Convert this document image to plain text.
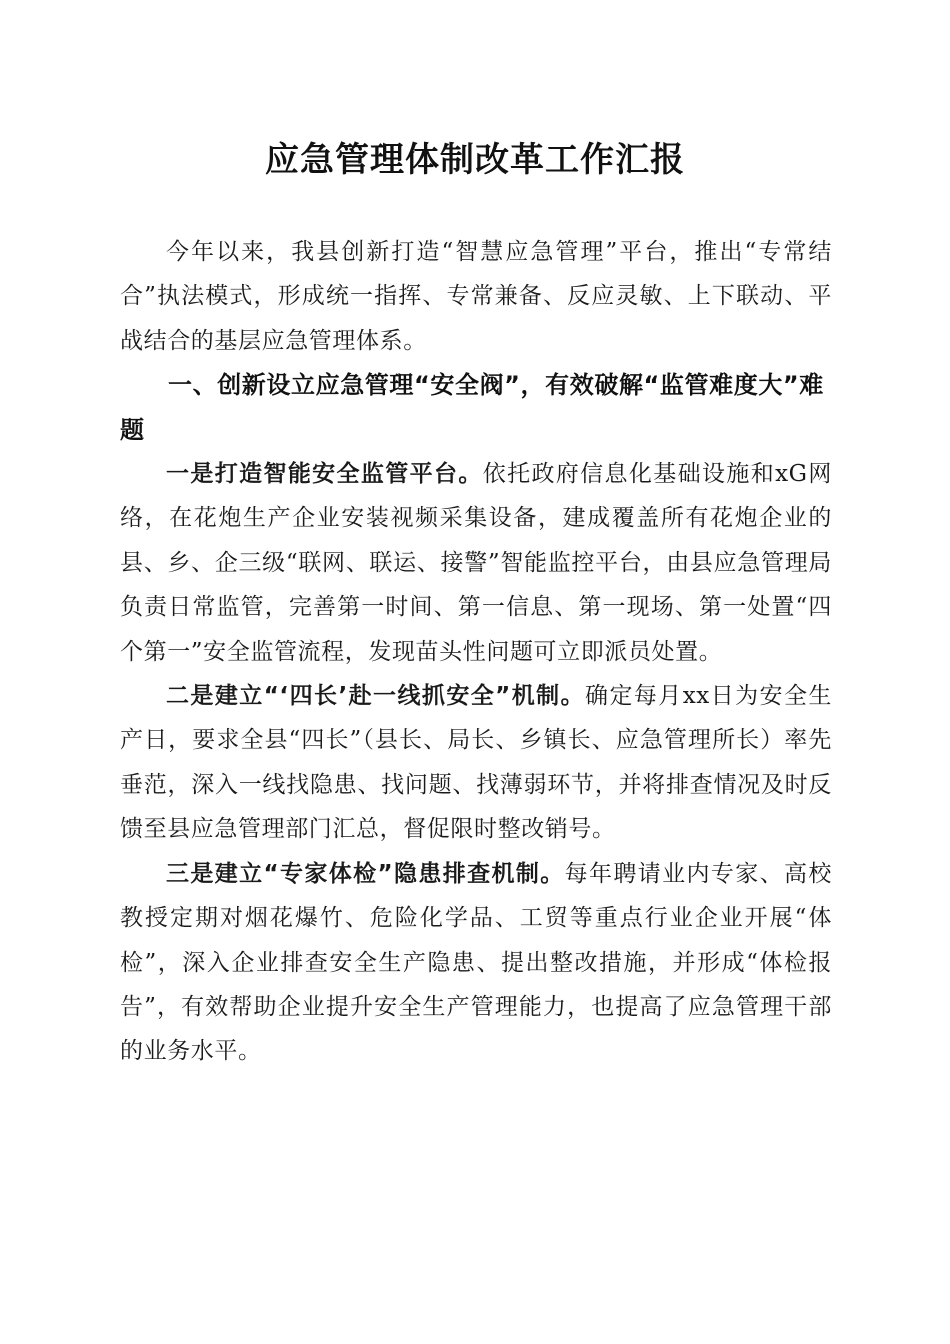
应急管理体制改革工作汇报

今年以来，我县创新打造“智慧应急管理”平台，推出“专常结合”执法模式，形成统一指挥、专常兼备、反应灵敏、上下联动、平战结合的基层应急管理体系。

一、创新设立应急管理“安全阀”，有效破解“监管难度大”难题

一是打造智能安全监管平台。依托政府信息化基础设施和xG网络，在花炮生产企业安装视频采集设备，建成覆盖所有花炮企业的县、乡、企三级“联网、联运、接警”智能监控平台，由县应急管理局负责日常监管，完善第一时间、第一信息、第一现场、第一处置“四个第一”安全监管流程，发现苗头性问题可立即派员处置。

二是建立“‘四长’赴一线抓安全”机制。确定每月xx日为安全生产日，要求全县“四长”（县长、局长、乡镇长、应急管理所长）率先垂范，深入一线找隐患、找问题、找薄弱环节，并将排查情况及时反馈至县应急管理部门汇总，督促限时整改销号。

三是建立“专家体检”隐患排查机制。每年聘请业内专家、高校教授定期对烟花爆竹、危险化学品、工贸等重点行业企业开展“体检”，深入企业排查安全生产隐患、提出整改措施，并形成“体检报告”，有效帮助企业提升安全生产管理能力，也提高了应急管理干部的业务水平。
